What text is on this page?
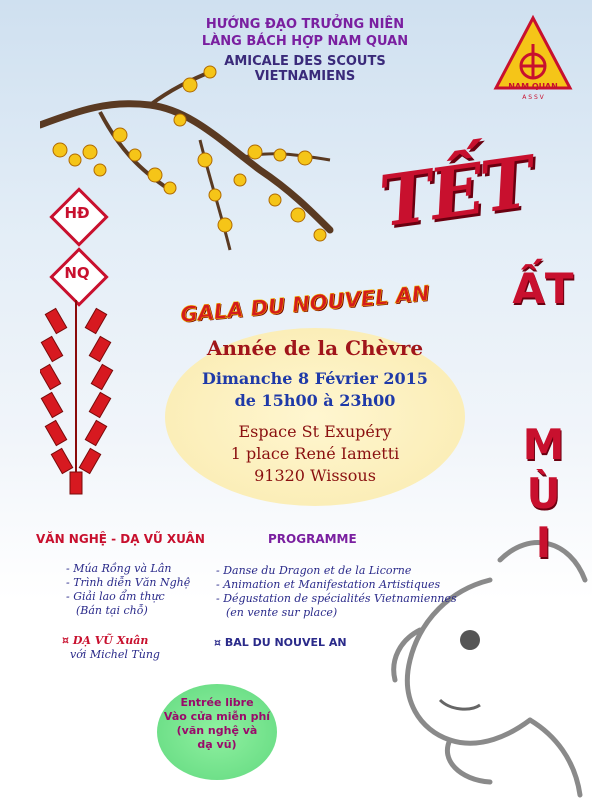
HĐ
NQ
HƯỚNG ĐẠO TRƯỞNG NIÊN
LÀNG BÁCH HỢP NAM QUAN
AMICALE DES SCOUTS
VIETNAMIENS
NAM QUAN
A S S V
TẾT
ẤT
MÙI
GALA DU NOUVEL AN
Année de la Chèvre
Dimanche 8 Février 2015
de 15h00 à 23h00
Espace St Exupéry
1 place René Iametti
91320 Wissous
VĂN NGHỆ - DẠ VŨ XUÂN	PROGRAMME
- Múa Rồng và Lân
- Trình diễn Văn Nghệ
- Giải lao ẩm thực
(Bán tại chỗ)
- Danse du Dragon et de la Licorne
- Animation et Manifestation Artistiques
- Dégustation de spécialités Vietnamiennes
(en vente sur place)
¤ DẠ VŨ Xuân
với Michel Tùng
¤ BAL DU NOUVEL AN
Entrée libre
Vào cửa miễn phí
(văn nghệ và
dạ vũ)
